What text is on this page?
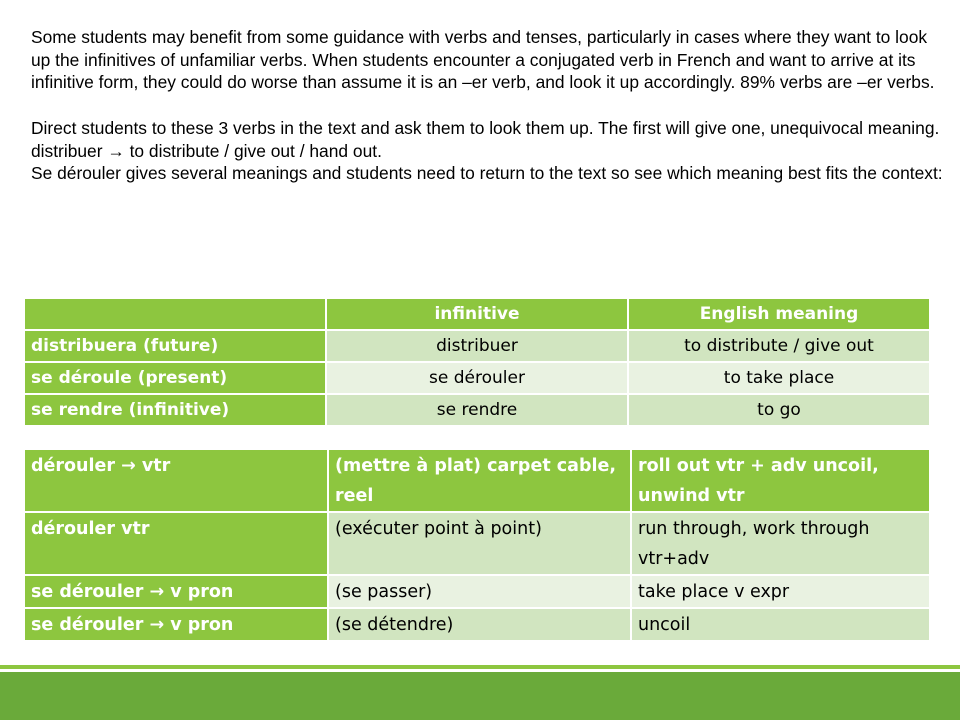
Some students may benefit from some guidance with verbs and tenses, particularly in cases where they want to look up the infinitives of unfamiliar verbs. When students encounter a conjugated verb in French and want to arrive at its infinitive form, they could do worse than assume it is an –er verb, and look it up accordingly. 89% verbs are –er verbs.

Direct students to these 3 verbs in the text and ask them to look them up. The first will give one, unequivocal meaning. distribuer → to distribute / give out / hand out.

Se dérouler gives several meanings and students need to return to the text so see which meaning best fits the context:

	infinitive	English meaning
distribuera (future)	distribuer	to distribute / give out
se déroule (present)	se dérouler	to take place
se rendre (infinitive)	se rendre	to go
dérouler → vtr	(mettre à plat) carpet cable, reel	roll out vtr + adv uncoil, unwind vtr
dérouler vtr	(exécuter point à point)	run through, work through vtr+adv
se dérouler → v pron	(se passer)	take place v expr
se dérouler → v pron	(se détendre)	uncoil
